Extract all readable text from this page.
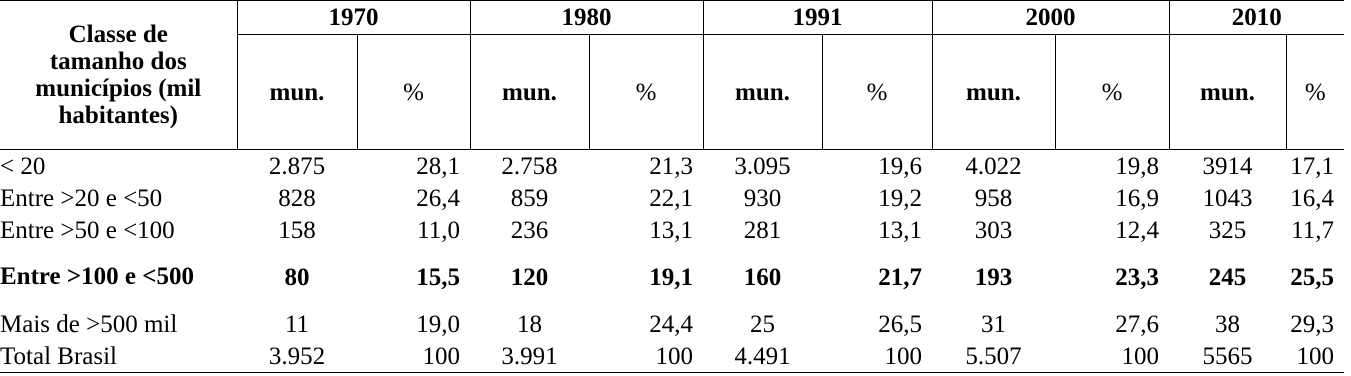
Classe de
tamanho dos
municípios (mil
habitantes)	1970		1980		1991		2000		2010	
	mun.	%	mun.	%	mun.	%	mun.	%	mun.	%
< 20	2.875	28,1	2.758	21,3	3.095	19,6	4.022	19,8	3914	17,1
Entre >20 e <50	828	26,4	859	22,1	930	19,2	958	16,9	1043	16,4
Entre >50 e <100	158	11,0	236	13,1	281	13,1	303	12,4	325	11,7
Entre >100 e <500	80	15,5	120	19,1	160	21,7	193	23,3	245	25,5
Mais de >500 mil	11	19,0	18	24,4	25	26,5	31	27,6	38	29,3
Total Brasil	3.952	100	3.991	100	4.491	100	5.507	100	5565	100
